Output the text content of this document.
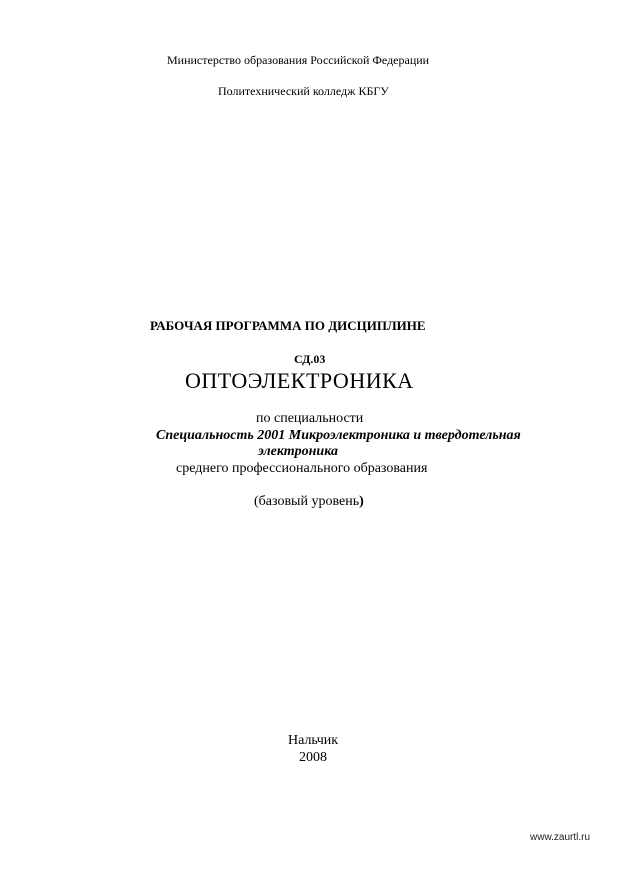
Министерство образования Российской Федерации
Политехнический колледж КБГУ
РАБОЧАЯ ПРОГРАММА ПО ДИСЦИПЛИНЕ
СД.03
ОПТОЭЛЕКТРОНИКА
по специальности
Специальность 2001 Микроэлектроника и твердотельная
электроника
среднего профессионального образования
(базовый уровень)
Нальчик
2008
www.zaurtl.ru
